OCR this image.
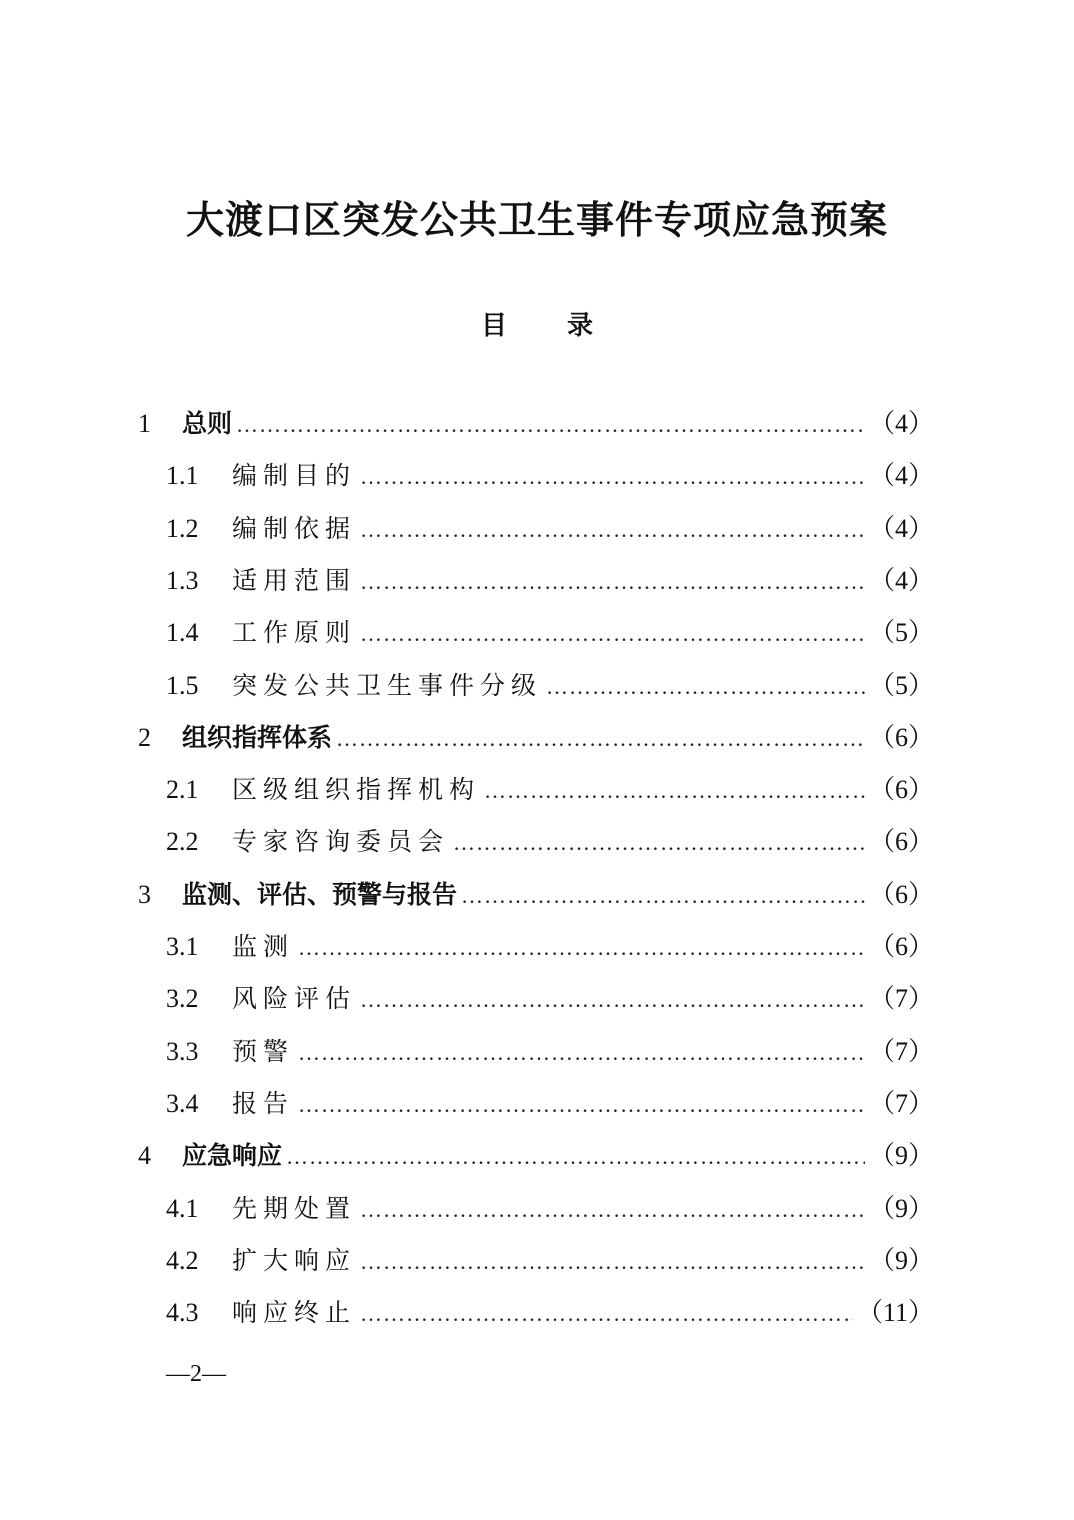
大渡口区突发公共卫生事件专项应急预案
目 录
1	总则 …………………………………………………………………………………………………………………………	（4）
1.1	编制目的 …………………………………………………………………………………………………………………………	（4）
1.2	编制依据 …………………………………………………………………………………………………………………………	（4）
1.3	适用范围 …………………………………………………………………………………………………………………………	（4）
1.4	工作原则 …………………………………………………………………………………………………………………………	（5）
1.5	突发公共卫生事件分级 …………………………………………………………………………………………………………………………	（5）
2	组织指挥体系 …………………………………………………………………………………………………………………………	（6）
2.1	区级组织指挥机构 …………………………………………………………………………………………………………………………	（6）
2.2	专家咨询委员会 …………………………………………………………………………………………………………………………	（6）
3	监测、评估、预警与报告 …………………………………………………………………………………………………………………………	（6）
3.1	监测 …………………………………………………………………………………………………………………………	（6）
3.2	风险评估 …………………………………………………………………………………………………………………………	（7）
3.3	预警 …………………………………………………………………………………………………………………………	（7）
3.4	报告 …………………………………………………………………………………………………………………………	（7）
4	应急响应 …………………………………………………………………………………………………………………………	（9）
4.1	先期处置 …………………………………………………………………………………………………………………………	（9）
4.2	扩大响应 …………………………………………………………………………………………………………………………	（9）
4.3	响应终止 …………………………………………………………………………………………………………………………	（11）
—2—
